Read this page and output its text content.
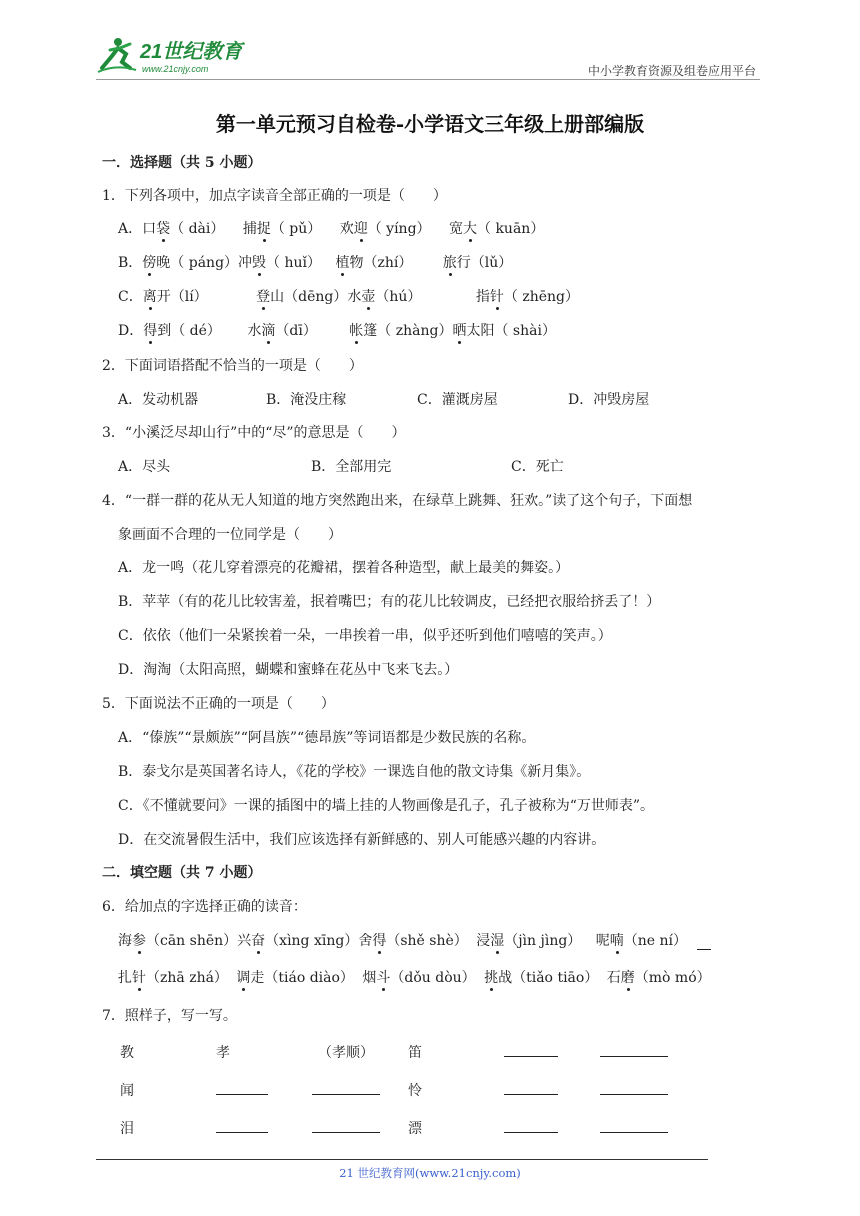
21世纪教育
www.21cnjy.com	中小学教育资源及组卷应用平台
第一单元预习自检卷-小学语文三年级上册部编版
一．选择题（共 5 小题）
1．下列各项中，加点字读音全部正确的一项是（　　）
A．口袋（ dài） 捕捉（ pǔ） 欢迎（ yíng） 宽大（ kuān）
B．傍晚（ páng）冲毁（ huǐ） 植物（zhí） 旅行（lǔ）
C．离开（lí）	登山（dēng）水壶（hú）	指针（ zhēng）
D．得到（ dé） 水滴（dī） 帐篷（ zhàng）晒太阳（ shài）
2．下面词语搭配不恰当的一项是（　　）
A．发动机器	B．淹没庄稼	C．灌溉房屋	D．冲毁房屋
3．“小溪泛尽却山行”中的“尽”的意思是（　　）
A．尽头	B．全部用完	C．死亡
4．“一群一群的花从无人知道的地方突然跑出来，在绿草上跳舞、狂欢。”读了这个句子，下面想
象画面不合理的一位同学是（　　）
A．龙一鸣（花儿穿着漂亮的花瓣裙，摆着各种造型，献上最美的舞姿。）
B．苹苹（有的花儿比较害羞，抿着嘴巴；有的花儿比较调皮，已经把衣服给挤丢了！）
C．依依（他们一朵紧挨着一朵，一串挨着一串，似乎还听到他们嘻嘻的笑声。）
D．淘淘（太阳高照，蝴蝶和蜜蜂在花丛中飞来飞去。）
5．下面说法不正确的一项是（　　）
A．“傣族”“景颇族”“阿昌族”“德昂族”等词语都是少数民族的名称。
B．泰戈尔是英国著名诗人，《花的学校》一课选自他的散文诗集《新月集》。
C．《不懂就要问》一课的插图中的墙上挂的人物画像是孔子，孔子被称为“万世师表”。
D．在交流暑假生活中，我们应该选择有新鲜感的、别人可能感兴趣的内容讲。
二．填空题（共 7 小题）
6．给加点的字选择正确的读音：
海参（cān shēn）兴奋（xìng xīng）舍得（shě shè） 浸湿（jìn jìng） 呢喃（ne ní）
扎针（zhā zhá） 调走（tiáo diào） 烟斗（dǒu dòu） 挑战（tiǎo tiāo） 石磨（mò mó）
7．照样子，写一写。
教	孝	（孝顺） 笛
闻	怜
泪	漂
21 世纪教育网(www.21cnjy.com)
